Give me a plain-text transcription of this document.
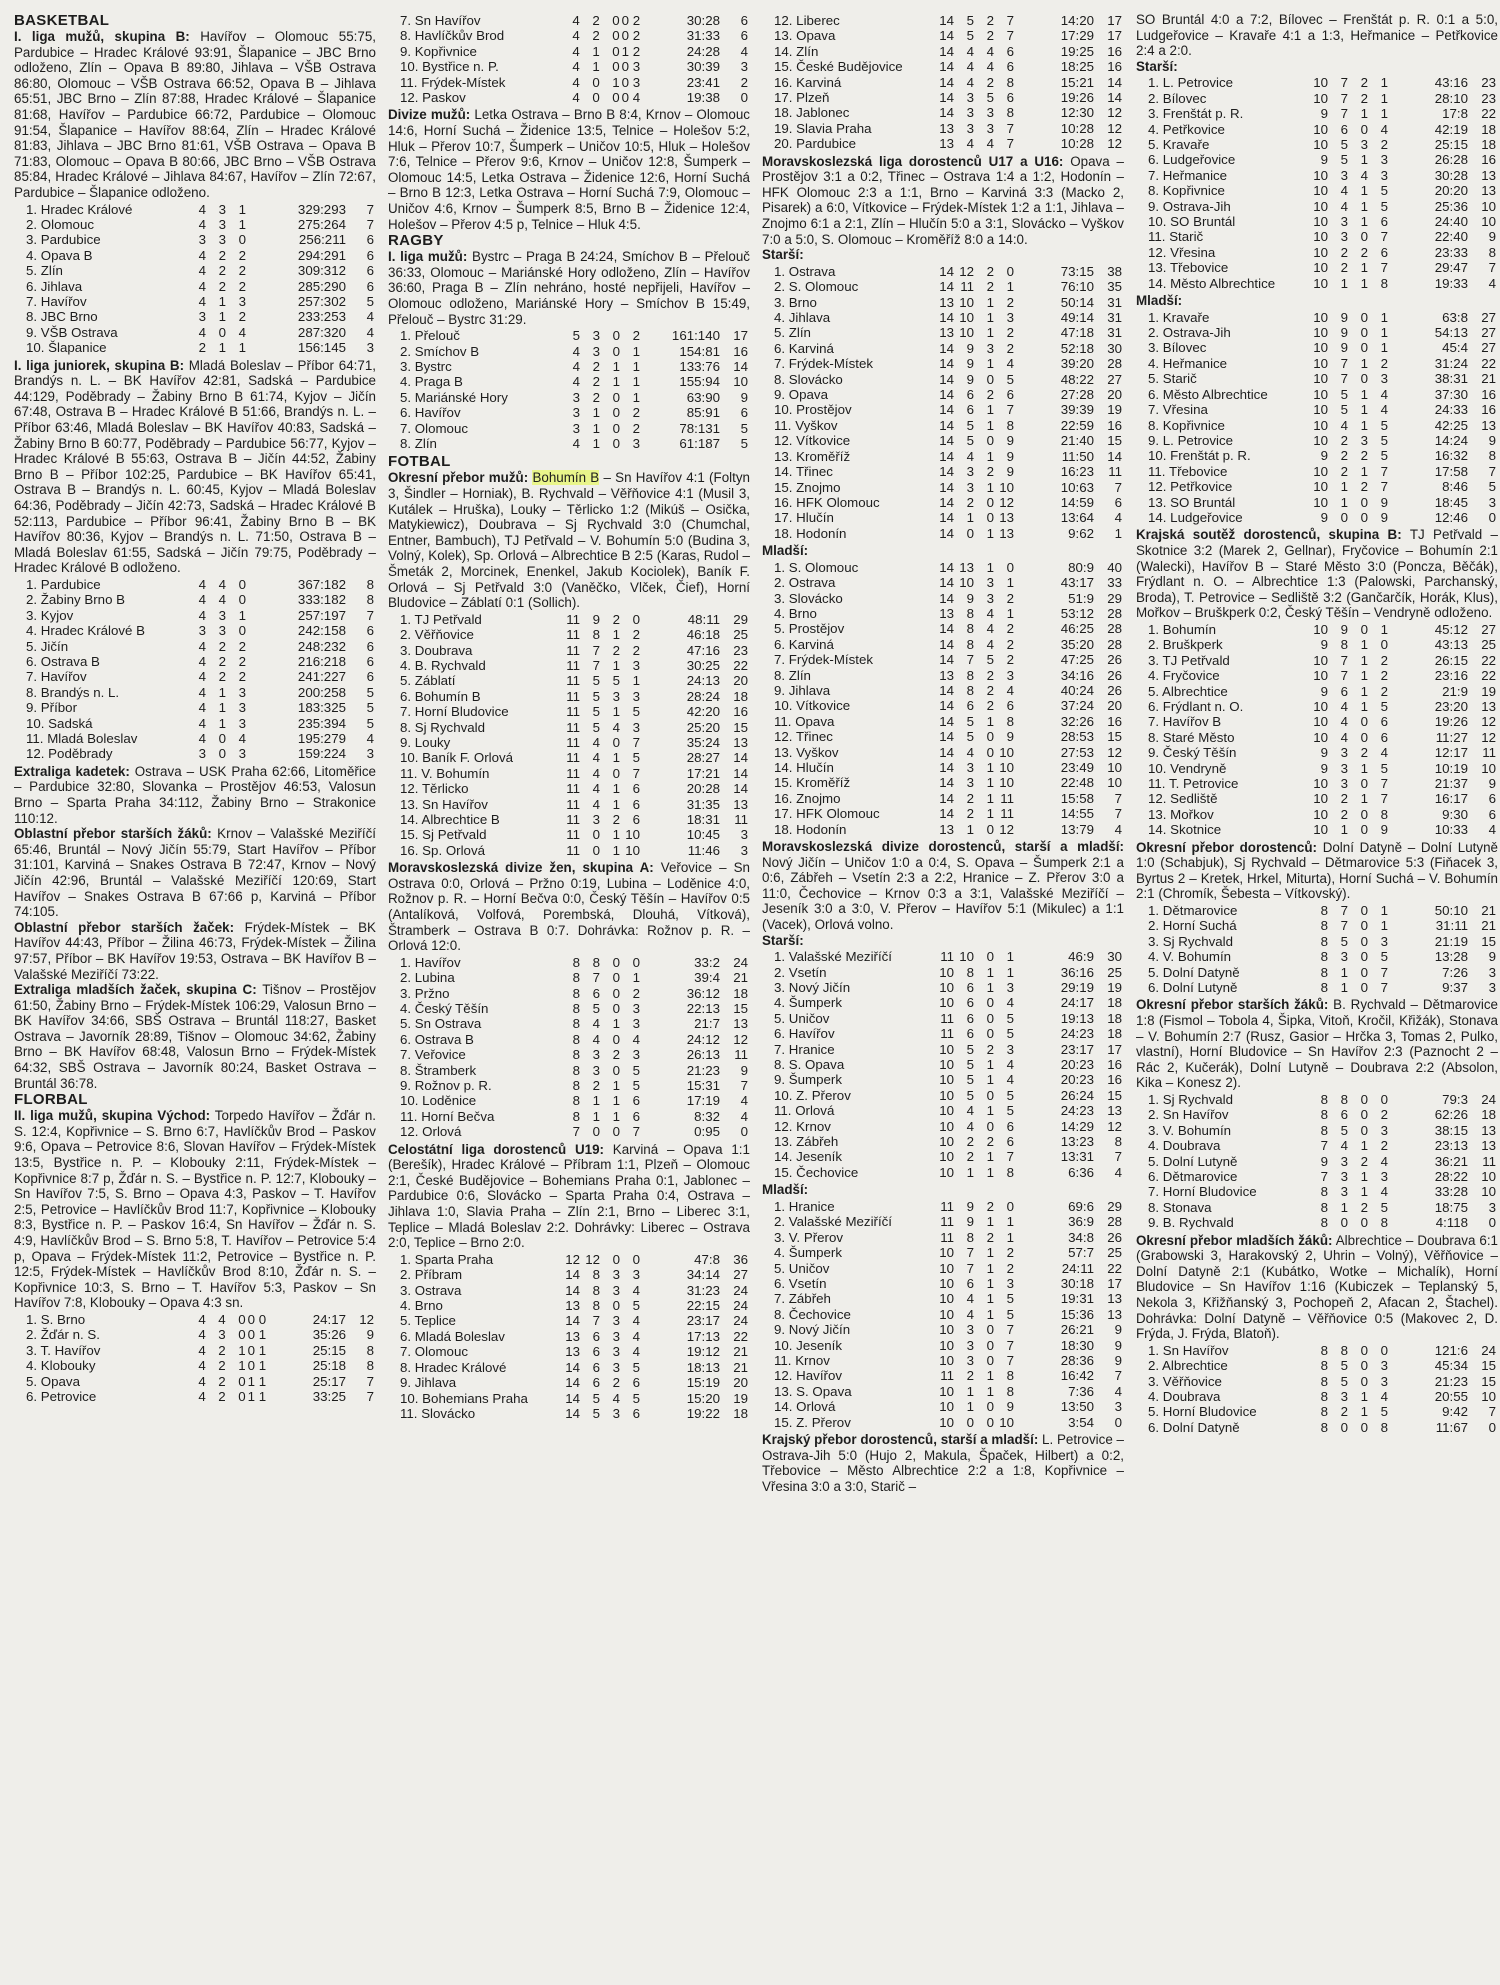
BASKETBAL

I. liga mužů, skupina B: Havířov – Olomouc 55:75, Pardubice – Hradec Králové 93:91, Šlapanice – JBC Brno odloženo, Zlín – Opava B 89:80, Jihlava – VŠB Ostrava 86:80, Olomouc – VŠB Ostrava 66:52, Opava B – Jihlava 65:51, JBC Brno – Zlín 87:88, Hradec Králové – Šlapanice 81:68, Havířov – Pardubice 66:72, Pardubice – Olomouc 91:54, Šlapanice – Havířov 88:64, Zlín – Hradec Králové 81:83, Jihlava – JBC Brno 81:61, VŠB Ostrava – Opava B 71:83, Olomouc – Opava B 80:66, JBC Brno – VŠB Ostrava 85:84, Hradec Králové – Jihlava 84:67, Havířov – Zlín 72:67, Pardubice – Šlapanice odloženo.

1. Hradec Králové	4	3	1		329:293	7
2. Olomouc	4	3	1		275:264	7
3. Pardubice	3	3	0		256:211	6
4. Opava B	4	2	2		294:291	6
5. Zlín	4	2	2		309:312	6
6. Jihlava	4	2	2		285:290	6
7. Havířov	4	1	3		257:302	5
8. JBC Brno	3	1	2		233:253	4
9. VŠB Ostrava	4	0	4		287:320	4
10. Šlapanice	2	1	1		156:145	3

I. liga juniorek, skupina B: Mladá Boleslav – Příbor 64:71, Brandýs n. L. – BK Havířov 42:81, Sadská – Pardubice 44:129, Poděbrady – Žabiny Brno B 61:74, Kyjov – Jičín 67:48, Ostrava B – Hradec Králové B 51:66, Brandýs n. L. – Příbor 63:46, Mladá Boleslav – BK Havířov 40:83, Sadská – Žabiny Brno B 60:77, Poděbrady – Pardubice 56:77, Kyjov – Hradec Králové B 55:63, Ostrava B – Jičín 44:52, Žabiny Brno B – Příbor 102:25, Pardubice – BK Havířov 65:41, Ostrava B – Brandýs n. L. 60:45, Kyjov – Mladá Boleslav 64:36, Poděbrady – Jičín 42:73, Sadská – Hradec Králové B 52:113, Pardubice – Příbor 96:41, Žabiny Brno B – BK Havířov 80:36, Kyjov – Brandýs n. L. 71:50, Ostrava B – Mladá Boleslav 61:55, Sadská – Jičín 79:75, Poděbrady – Hradec Králové B odloženo.

1. Pardubice	4	4	0		367:182	8
2. Žabiny Brno B	4	4	0		333:182	8
3. Kyjov	4	3	1		257:197	7
4. Hradec Králové B	3	3	0		242:158	6
5. Jičín	4	2	2		248:232	6
6. Ostrava B	4	2	2		216:218	6
7. Havířov	4	2	2		241:227	6
8. Brandýs n. L.	4	1	3		200:258	5
9. Příbor	4	1	3		183:325	5
10. Sadská	4	1	3		235:394	5
11. Mladá Boleslav	4	0	4		195:279	4
12. Poděbrady	3	0	3		159:224	3

Extraliga kadetek: Ostrava – USK Praha 62:66, Litoměřice – Pardubice 32:80, Slovanka – Prostějov 46:53, Valosun Brno – Sparta Praha 34:112, Žabiny Brno – Strakonice 110:12.

Oblastní přebor starších žáků: Krnov – Valašské Meziříčí 65:46, Bruntál – Nový Jičín 55:79, Start Havířov – Příbor 31:101, Karviná – Snakes Ostrava B 72:47, Krnov – Nový Jičín 42:96, Bruntál – Valašské Meziříčí 120:69, Start Havířov – Snakes Ostrava B 67:66 p, Karviná – Příbor 74:105.

Oblastní přebor starších žaček: Frýdek-Místek – BK Havířov 44:43, Příbor – Žilina 46:73, Frýdek-Místek – Žilina 97:57, Příbor – BK Havířov 19:53, Ostrava – BK Havířov B – Valašské Meziříčí 73:22.

Extraliga mladších žaček, skupina C: Tišnov – Prostějov 61:50, Žabiny Brno – Frýdek-Místek 106:29, Valosun Brno – BK Havířov 34:66, SBŠ Ostrava – Bruntál 118:27, Basket Ostrava – Javorník 28:89, Tišnov – Olomouc 34:62, Žabiny Brno – BK Havířov 68:48, Valosun Brno – Frýdek-Místek 64:32, SBŠ Ostrava – Javorník 80:24, Basket Ostrava – Bruntál 36:78.

FLORBAL

II. liga mužů, skupina Východ: Torpedo Havířov – Žďár n. S. 12:4, Kopřivnice – S. Brno 6:7, Havlíčkův Brod – Paskov 9:6, Opava – Petrovice 8:6, Slovan Havířov – Frýdek-Místek 13:5, Bystřice n. P. – Klobouky 2:11, Frýdek-Místek – Kopřivnice 8:7 p, Žďár n. S. – Bystřice n. P. 12:7, Klobouky – Sn Havířov 7:5, S. Brno – Opava 4:3, Paskov – T. Havířov 2:5, Petrovice – Havlíčkův Brod 11:7, Kopřivnice – Klobouky 8:3, Bystřice n. P. – Paskov 16:4, Sn Havířov – Žďár n. S. 4:9, Havlíčkův Brod – S. Brno 5:8, T. Havířov – Petrovice 5:4 p, Opava – Frýdek-Místek 11:2, Petrovice – Bystřice n. P. 12:5, Frýdek-Místek – Havlíčkův Brod 8:10, Žďár n. S. – Kopřivnice 10:3, S. Brno – T. Havířov 5:3, Paskov – Sn Havířov 7:8, Klobouky – Opava 4:3 sn.

1. S. Brno	4	4	0	0 0	24:17	12
2. Žďár n. S.	4	3	0	0 1	35:26	9
3. T. Havířov	4	2	1	0 1	25:15	8
4. Klobouky	4	2	1	0 1	25:18	8
5. Opava	4	2	0	1 1	25:17	7
6. Petrovice	4	2	0	1 1	33:25	7
7. Sn Havířov	4	2	0	0 2	30:28	6
8. Havlíčkův Brod	4	2	0	0 2	31:33	6
9. Kopřivnice	4	1	0	1 2	24:28	4
10. Bystřice n. P.	4	1	0	0 3	30:39	3
11. Frýdek-Místek	4	0	1	0 3	23:41	2
12. Paskov	4	0	0	0 4	19:38	0

Divize mužů: Letka Ostrava – Brno B 8:4, Krnov – Olomouc 14:6, Horní Suchá – Židenice 13:5, Telnice – Holešov 5:2, Hluk – Přerov 10:7, Šumperk – Uničov 10:5, Hluk – Holešov 7:6, Telnice – Přerov 9:6, Krnov – Uničov 12:8, Šumperk – Olomouc 14:5, Letka Ostrava – Židenice 12:6, Horní Suchá – Brno B 12:3, Letka Ostrava – Horní Suchá 7:9, Olomouc – Uničov 4:6, Krnov – Šumperk 8:5, Brno B – Židenice 12:4, Holešov – Přerov 4:5 p, Telnice – Hluk 4:5.

RAGBY

I. liga mužů: Bystrc – Praga B 24:24, Smíchov B – Přelouč 36:33, Olomouc – Mariánské Hory odloženo, Zlín – Havířov 36:60, Praga B – Zlín nehráno, hosté nepřijeli, Havířov – Olomouc odloženo, Mariánské Hory – Smíchov B 15:49, Přelouč – Bystrc 31:29.

1. Přelouč	5	3	0	2	161:140	17
2. Smíchov B	4	3	0	1	154:81	16
3. Bystrc	4	2	1	1	133:76	14
4. Praga B	4	2	1	1	155:94	10
5. Mariánské Hory	3	2	0	1	63:90	9
6. Havířov	3	1	0	2	85:91	6
7. Olomouc	3	1	0	2	78:131	5
8. Zlín	4	1	0	3	61:187	5
FOTBAL

Okresní přebor mužů: Bohumín B – Sn Havířov 4:1 (Foltyn 3, Šindler – Horniak), B. Rychvald – Věřňovice 4:1 (Musil 3, Kutálek – Hruška), Louky – Těrlicko 1:2 (Mikúš – Osička, Matykiewicz), Doubrava – Sj Rychvald 3:0 (Chumchal, Entner, Bambuch), TJ Petřvald – V. Bohumín 5:0 (Budina 3, Volný, Kolek), Sp. Orlová – Albrechtice B 2:5 (Karas, Rudol – Šmeták 2, Morcinek, Enenkel, Jakub Kociolek), Baník F. Orlová – Sj Petřvald 3:0 (Vaněčko, Vlček, Čief), Horní Bludovice – Záblatí 0:1 (Sollich).

1. TJ Petřvald	11	9	2	0	48:11	29
2. Věřňovice	11	8	1	2	46:18	25
3. Doubrava	11	7	2	2	47:16	23
4. B. Rychvald	11	7	1	3	30:25	22
5. Záblatí	11	5	5	1	24:13	20
6. Bohumín B	11	5	3	3	28:24	18
7. Horní Bludovice	11	5	1	5	42:20	16
8. Sj Rychvald	11	5	4	3	25:20	15
9. Louky	11	4	0	7	35:24	13
10. Baník F. Orlová	11	4	1	5	28:27	14
11. V. Bohumín	11	4	0	7	17:21	14
12. Těrlicko	11	4	1	6	20:28	14
13. Sn Havířov	11	4	1	6	31:35	13
14. Albrechtice B	11	3	2	6	18:31	11
15. Sj Petřvald	11	0	1	10	10:45	3
16. Sp. Orlová	11	0	1	10	11:46	3

Moravskoslezská divize žen, skupina A: Veřovice – Sn Ostrava 0:0, Orlová – Pržno 0:19, Lubina – Loděnice 4:0, Rožnov p. R. – Horní Bečva 0:0, Český Těšín – Havířov 0:5 (Antalíková, Volfová, Porembská, Dlouhá, Vítková), Štramberk – Ostrava B 0:7. Dohrávka: Rožnov p. R. – Orlová 12:0.

1. Havířov	8	8	0	0	33:2	24
2. Lubina	8	7	0	1	39:4	21
3. Pržno	8	6	0	2	36:12	18
4. Český Těšín	8	5	0	3	22:13	15
5. Sn Ostrava	8	4	1	3	21:7	13
6. Ostrava B	8	4	0	4	24:12	12
7. Veřovice	8	3	2	3	26:13	11
8. Štramberk	8	3	0	5	21:23	9
9. Rožnov p. R.	8	2	1	5	15:31	7
10. Loděnice	8	1	1	6	17:19	4
11. Horní Bečva	8	1	1	6	8:32	4
12. Orlová	7	0	0	7	0:95	0

Celostátní liga dorostenců U19: Karviná – Opava 1:1 (Berešík), Hradec Králové – Příbram 1:1, Plzeň – Olomouc 2:1, České Budějovice – Bohemians Praha 0:1, Jablonec – Pardubice 0:6, Slovácko – Sparta Praha 0:4, Ostrava – Jihlava 1:0, Slavia Praha – Zlín 2:1, Brno – Liberec 3:1, Teplice – Mladá Boleslav 2:2. Dohrávky: Liberec – Ostrava 2:0, Teplice – Brno 2:0.

1. Sparta Praha	12	12	0	0	47:8	36
2. Příbram	14	8	3	3	34:14	27
3. Ostrava	14	8	3	4	31:23	24
4. Brno	13	8	0	5	22:15	24
5. Teplice	14	7	3	4	23:17	24
6. Mladá Boleslav	13	6	3	4	17:13	22
7. Olomouc	13	6	3	4	19:12	21
8. Hradec Králové	14	6	3	5	18:13	21
9. Jihlava	14	6	2	6	15:19	20
10. Bohemians Praha	14	5	4	5	15:20	19
11. Slovácko	14	5	3	6	19:22	18
12. Liberec	14	5	2	7	14:20	17
13. Opava	14	5	2	7	17:29	17
14. Zlín	14	4	4	6	19:25	16
15. České Budějovice	14	4	4	6	18:25	16
16. Karviná	14	4	2	8	15:21	14
17. Plzeň	14	3	5	6	19:26	14
18. Jablonec	14	3	3	8	12:30	12
19. Slavia Praha	13	3	3	7	10:28	12
20. Pardubice	13	4	4	7	10:28	12

Moravskoslezská liga dorostenců U17 a U16: Opava – Prostějov 3:1 a 0:2, Třinec – Ostrava 1:4 a 1:2, Hodonín – HFK Olomouc 2:3 a 1:1, Brno – Karviná 3:3 (Macko 2, Pisarek) a 6:0, Vítkovice – Frýdek-Místek 1:2 a 1:1, Jihlava – Znojmo 6:1 a 2:1, Zlín – Hlučín 5:0 a 3:1, Slovácko – Vyškov 7:0 a 5:0, S. Olomouc – Kroměříž 8:0 a 14:0.

Starší:

1. Ostrava	14	12	2	0	73:15	38
2. S. Olomouc	14	11	2	1	76:10	35
3. Brno	13	10	1	2	50:14	31
4. Jihlava	14	10	1	3	49:14	31
5. Zlín	13	10	1	2	47:18	31
6. Karviná	14	9	3	2	52:18	30
7. Frýdek-Místek	14	9	1	4	39:20	28
8. Slovácko	14	9	0	5	48:22	27
9. Opava	14	6	2	6	27:28	20
10. Prostějov	14	6	1	7	39:39	19
11. Vyškov	14	5	1	8	22:59	16
12. Vítkovice	14	5	0	9	21:40	15
13. Kroměříž	14	4	1	9	11:50	14
14. Třinec	14	3	2	9	16:23	11
15. Znojmo	14	3	1	10	10:63	7
16. HFK Olomouc	14	2	0	12	14:59	6
17. Hlučín	14	1	0	13	13:64	4
18. Hodonín	14	0	1	13	9:62	1

Mladší:

1. S. Olomouc	14	13	1	0	80:9	40
2. Ostrava	14	10	3	1	43:17	33
3. Slovácko	14	9	3	2	51:9	29
4. Brno	13	8	4	1	53:12	28
5. Prostějov	14	8	4	2	46:25	28
6. Karviná	14	8	4	2	35:20	28
7. Frýdek-Místek	14	7	5	2	47:25	26
8. Zlín	13	8	2	3	34:16	26
9. Jihlava	14	8	2	4	40:24	26
10. Vítkovice	14	6	2	6	37:24	20
11. Opava	14	5	1	8	32:26	16
12. Třinec	14	5	0	9	28:53	15
13. Vyškov	14	4	0	10	27:53	12
14. Hlučín	14	3	1	10	23:49	10
15. Kroměříž	14	3	1	10	22:48	10
16. Znojmo	14	2	1	11	15:58	7
17. HFK Olomouc	14	2	1	11	14:55	7
18. Hodonín	13	1	0	12	13:79	4

Moravskoslezská divize dorostenců, starší a mladší: Nový Jičín – Uničov 1:0 a 0:4, S. Opava – Šumperk 2:1 a 0:6, Zábřeh – Vsetín 2:3 a 2:2, Hranice – Z. Přerov 3:0 a 11:0, Čechovice – Krnov 0:3 a 3:1, Valašské Meziříčí – Jeseník 3:0 a 3:0, V. Přerov – Havířov 5:1 (Mikulec) a 1:1 (Vacek), Orlová volno.

Starší:

1. Valašské Meziříčí	11	10	0	1	46:9	30
2. Vsetín	10	8	1	1	36:16	25
3. Nový Jičín	10	6	1	3	29:19	19
4. Šumperk	10	6	0	4	24:17	18
5. Uničov	11	6	0	5	19:13	18
6. Havířov	11	6	0	5	24:23	18
7. Hranice	10	5	2	3	23:17	17
8. S. Opava	10	5	1	4	20:23	16
9. Šumperk	10	5	1	4	20:23	16
10. Z. Přerov	10	5	0	5	26:24	15
11. Orlová	10	4	1	5	24:23	13
12. Krnov	10	4	0	6	14:29	12
13. Zábřeh	10	2	2	6	13:23	8
14. Jeseník	10	2	1	7	13:31	7
15. Čechovice	10	1	1	8	6:36	4

Mladší:

1. Hranice	11	9	2	0	69:6	29
2. Valašské Meziříčí	11	9	1	1	36:9	28
3. V. Přerov	11	8	2	1	34:8	26
4. Šumperk	10	7	1	2	57:7	25
5. Uničov	10	7	1	2	24:11	22
6. Vsetín	10	6	1	3	30:18	17
7. Zábřeh	10	4	1	5	19:31	13
8. Čechovice	10	4	1	5	15:36	13
9. Nový Jičín	10	3	0	7	26:21	9
10. Jeseník	10	3	0	7	18:30	9
11. Krnov	10	3	0	7	28:36	9
12. Havířov	11	2	1	8	16:42	7
13. S. Opava	10	1	1	8	7:36	4
14. Orlová	10	1	0	9	13:50	3
15. Z. Přerov	10	0	0	10	3:54	0

Krajský přebor dorostenců, starší a mladší: L. Petrovice – Ostrava-Jih 5:0 (Hujo 2, Makula, Špaček, Hilbert) a 0:2, Třebovice – Město Albrechtice 2:2 a 1:8, Kopřivnice – Vřesina 3:0 a 3:0, Starič –

SO Bruntál 4:0 a 7:2, Bílovec – Frenštát p. R. 0:1 a 5:0, Ludgeřovice – Kravaře 4:1 a 1:3, Heřmanice – Petřkovice 2:4 a 2:0.

Starší:

1. L. Petrovice	10	7	2	1	43:16	23
2. Bílovec	10	7	2	1	28:10	23
3. Frenštát p. R.	9	7	1	1	17:8	22
4. Petřkovice	10	6	0	4	42:19	18
5. Kravaře	10	5	3	2	25:15	18
6. Ludgeřovice	9	5	1	3	26:28	16
7. Heřmanice	10	3	4	3	30:28	13
8. Kopřivnice	10	4	1	5	20:20	13
9. Ostrava-Jih	10	4	1	5	25:36	10
10. SO Bruntál	10	3	1	6	24:40	10
11. Starič	10	3	0	7	22:40	9
12. Vřesina	10	2	2	6	23:33	8
13. Třebovice	10	2	1	7	29:47	7
14. Město Albrechtice	10	1	1	8	19:33	4

Mladší:

1. Kravaře	10	9	0	1	63:8	27
2. Ostrava-Jih	10	9	0	1	54:13	27
3. Bílovec	10	9	0	1	45:4	27
4. Heřmanice	10	7	1	2	31:24	22
5. Starič	10	7	0	3	38:31	21
6. Město Albrechtice	10	5	1	4	37:30	16
7. Vřesina	10	5	1	4	24:33	16
8. Kopřivnice	10	4	1	5	42:25	13
9. L. Petrovice	10	2	3	5	14:24	9
10. Frenštát p. R.	9	2	2	5	16:32	8
11. Třebovice	10	2	1	7	17:58	7
12. Petřkovice	10	1	2	7	8:46	5
13. SO Bruntál	10	1	0	9	18:45	3
14. Ludgeřovice	9	0	0	9	12:46	0

Krajská soutěž dorostenců, skupina B: TJ Petřvald – Skotnice 3:2 (Marek 2, Gellnar), Fryčovice – Bohumín 2:1 (Walecki), Havířov B – Staré Město 3:0 (Poncza, Běčák), Frýdlant n. O. – Albrechtice 1:3 (Palowski, Parchanský, Broda), T. Petrovice – Sedliště 3:2 (Gančarčík, Horák, Klus), Mořkov – Bruškperk 0:2, Český Těšín – Vendryně odloženo.

1. Bohumín	10	9	0	1	45:12	27
2. Bruškperk	9	8	1	0	43:13	25
3. TJ Petřvald	10	7	1	2	26:15	22
4. Fryčovice	10	7	1	2	23:16	22
5. Albrechtice	9	6	1	2	21:9	19
6. Frýdlant n. O.	10	4	1	5	23:20	13
7. Havířov B	10	4	0	6	19:26	12
8. Staré Město	10	4	0	6	11:27	12
9. Český Těšín	9	3	2	4	12:17	11
10. Vendryně	9	3	1	5	10:19	10
11. T. Petrovice	10	3	0	7	21:37	9
12. Sedliště	10	2	1	7	16:17	6
13. Mořkov	10	2	0	8	9:30	6
14. Skotnice	10	1	0	9	10:33	4

Okresní přebor dorostenců: Dolní Datyně – Dolní Lutyně 1:0 (Schabjuk), Sj Rychvald – Dětmarovice 5:3 (Fiňacek 3, Byrtus 2 – Kretek, Hrkel, Miturta), Horní Suchá – V. Bohumín 2:1 (Chromík, Šebesta – Vítkovský).

1. Dětmarovice	8	7	0	1	50:10	21
2. Horní Suchá	8	7	0	1	31:11	21
3. Sj Rychvald	8	5	0	3	21:19	15
4. V. Bohumín	8	3	0	5	13:28	9
5. Dolní Datyně	8	1	0	7	7:26	3
6. Dolní Lutyně	8	1	0	7	9:37	3

Okresní přebor starších žáků: B. Rychvald – Dětmarovice 1:8 (Fismol – Tobola 4, Šipka, Vitoň, Kročil, Křižák), Stonava – V. Bohumín 2:7 (Rusz, Gasior – Hrčka 3, Tomas 2, Pulko, vlastní), Horní Bludovice – Sn Havířov 2:3 (Paznocht 2 – Rác 2, Kučerák), Dolní Lutyně – Doubrava 2:2 (Absolon, Kika – Konesz 2).

1. Sj Rychvald	8	8	0	0	79:3	24
2. Sn Havířov	8	6	0	2	62:26	18
3. V. Bohumín	8	5	0	3	38:15	13
4. Doubrava	7	4	1	2	23:13	13
5. Dolní Lutyně	9	3	2	4	36:21	11
6. Dětmarovice	7	3	1	3	28:22	10
7. Horní Bludovice	8	3	1	4	33:28	10
8. Stonava	8	1	2	5	18:75	3
9. B. Rychvald	8	0	0	8	4:118	0

Okresní přebor mladších žáků: Albrechtice – Doubrava 6:1 (Grabowski 3, Harakovský 2, Uhrin – Volný), Věřňovice – Dolní Datyně 2:1 (Kubátko, Wotke – Michalík), Horní Bludovice – Sn Havířov 1:16 (Kubiczek – Teplanský 5, Nekola 3, Křižňanský 3, Pochopeň 2, Afacan 2, Štachel). Dohrávka: Dolní Datyně – Věřňovice 0:5 (Makovec 2, D. Frýda, J. Frýda, Blatoň).

1. Sn Havířov	8	8	0	0	121:6	24
2. Albrechtice	8	5	0	3	45:34	15
3. Věřňovice	8	5	0	3	21:23	15
4. Doubrava	8	3	1	4	20:55	10
5. Horní Bludovice	8	2	1	5	9:42	7
6. Dolní Datyně	8	0	0	8	11:67	0
